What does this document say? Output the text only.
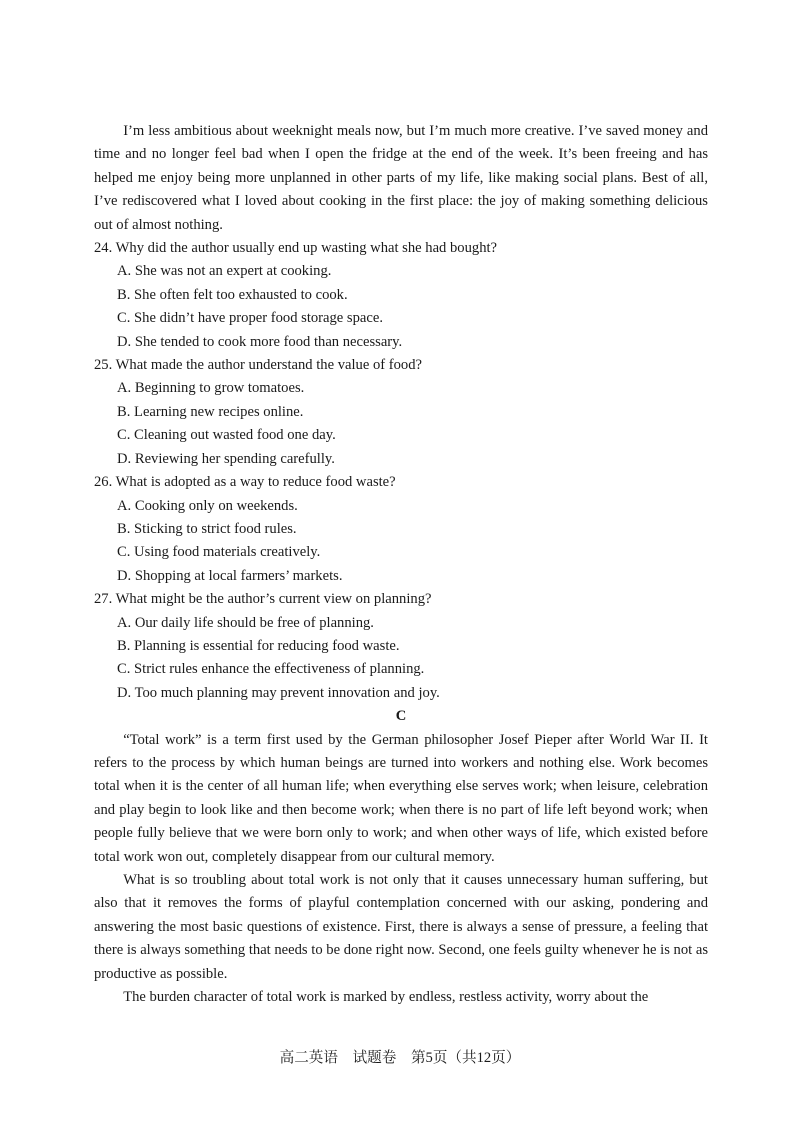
I’m less ambitious about weeknight meals now, but I’m much more creative. I’ve saved money and time and no longer feel bad when I open the fridge at the end of the week. It’s been freeing and has helped me enjoy being more unplanned in other parts of my life, like making social plans. Best of all, I’ve rediscovered what I loved about cooking in the first place: the joy of making something delicious out of almost nothing.

24. Why did the author usually end up wasting what she had bought?

A. She was not an expert at cooking.

B. She often felt too exhausted to cook.

C. She didn’t have proper food storage space.

D. She tended to cook more food than necessary.

25. What made the author understand the value of food?

A. Beginning to grow tomatoes.

B. Learning new recipes online.

C. Cleaning out wasted food one day.

D. Reviewing her spending carefully.

26. What is adopted as a way to reduce food waste?

A. Cooking only on weekends.

B. Sticking to strict food rules.

C. Using food materials creatively.

D. Shopping at local farmers’ markets.

27. What might be the author’s current view on planning?

A. Our daily life should be free of planning.

B. Planning is essential for reducing food waste.

C. Strict rules enhance the effectiveness of planning.

D. Too much planning may prevent innovation and joy.

C

“Total work” is a term first used by the German philosopher Josef Pieper after World War II. It refers to the process by which human beings are turned into workers and nothing else. Work becomes total when it is the center of all human life; when everything else serves work; when leisure, celebration and play begin to look like and then become work; when there is no part of life left beyond work; when people fully believe that we were born only to work; and when other ways of life, which existed before total work won out, completely disappear from our cultural memory.

What is so troubling about total work is not only that it causes unnecessary human suffering, but also that it removes the forms of playful contemplation concerned with our asking, pondering and answering the most basic questions of existence. First, there is always a sense of pressure, a feeling that there is always something that needs to be done right now. Second, one feels guilty whenever he is not as productive as possible.

The burden character of total work is marked by endless, restless activity, worry about the

高二英语　试题卷　第5页（共12页）
